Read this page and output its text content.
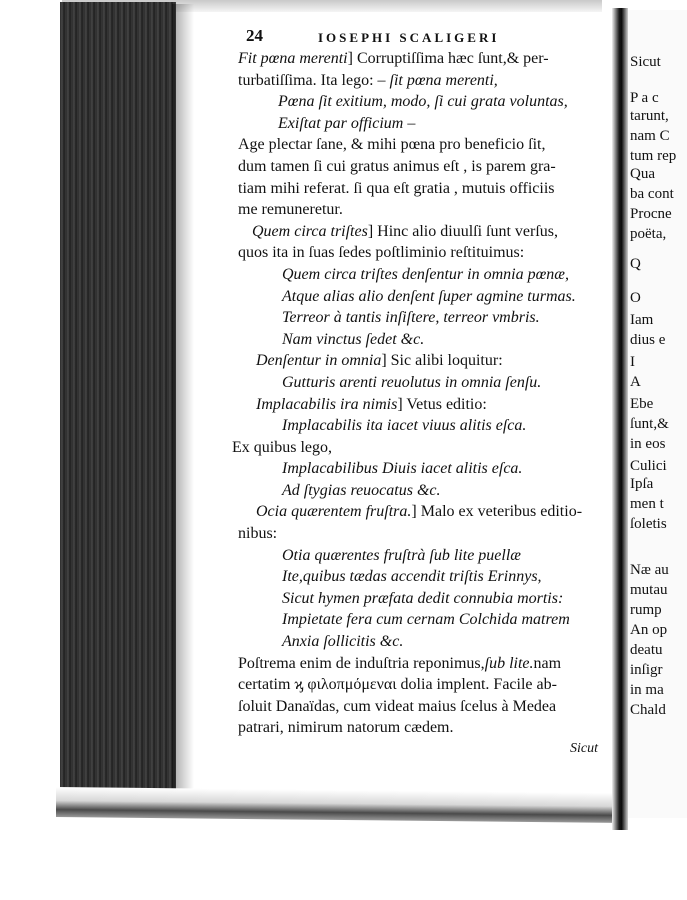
24	IOSEPHI SCALIGERI
Fit pœna merenti] Corruptiſſima hæc ſunt,& per-
turbatiſſima. Ita lego: – ſit pœna merenti,
Pœna ſit exitium, modo, ſi cui grata voluntas,
Exiſtat par officium –
Age plectar ſane, & mihi pœna pro beneficio ſit,
dum tamen ſi cui gratus animus eſt , is parem gra-
tiam mihi referat. ſi qua eſt gratia , mutuis officiis
me remuneretur.
Quem circa triſtes] Hinc alio diuulſi ſunt verſus,
quos ita in ſuas ſedes poſtliminio reſtituimus:
Quem circa triſtes denſentur in omnia pœnæ,
Atque alias alio denſent ſuper agmine turmas.
Terreor à tantis inſiſtere, terreor vmbris.
Nam vinctus ſedet &c.
Denſentur in omnia] Sic alibi loquitur:
Gutturis arenti reuolutus in omnia ſenſu.
Implacabilis ira nimis] Vetus editio:
Implacabilis ita iacet viuus alitis eſca.
Ex quibus lego,
Implacabilibus Diuis iacet alitis eſca.
Ad ſtygias reuocatus &c.
Ocia quærentem fruſtra.] Malo ex veteribus editio-
nibus:
Otia quærentes fruſtrà ſub lite puellæ
Ite,quibus tædas accendit triſtis Erinnys,
Sicut hymen præfata dedit connubia mortis:
Impietate fera cum cernam Colchida matrem
Anxia ſollicitis &c.
Poſtrema enim de induſtria reponimus,ſub lite.nam
certatim ϗ φιλοπμόμεναι dolia implent. Facile ab-
ſoluit Danaïdas, cum videat maius ſcelus à Medea
patrari, nimirum natorum cædem.
Sicut
Sicut
P a c
tarunt,
nam C
tum rep
Qua
ba cont
Procne
poëta,
Q
O
Iam
dius e
I
A
Ebe
ſunt,&
in eos
Culici
Ipſa
men t
ſoletis
Næ au
mutau
rump
An op
deatu
inſigr
in ma
Chald
